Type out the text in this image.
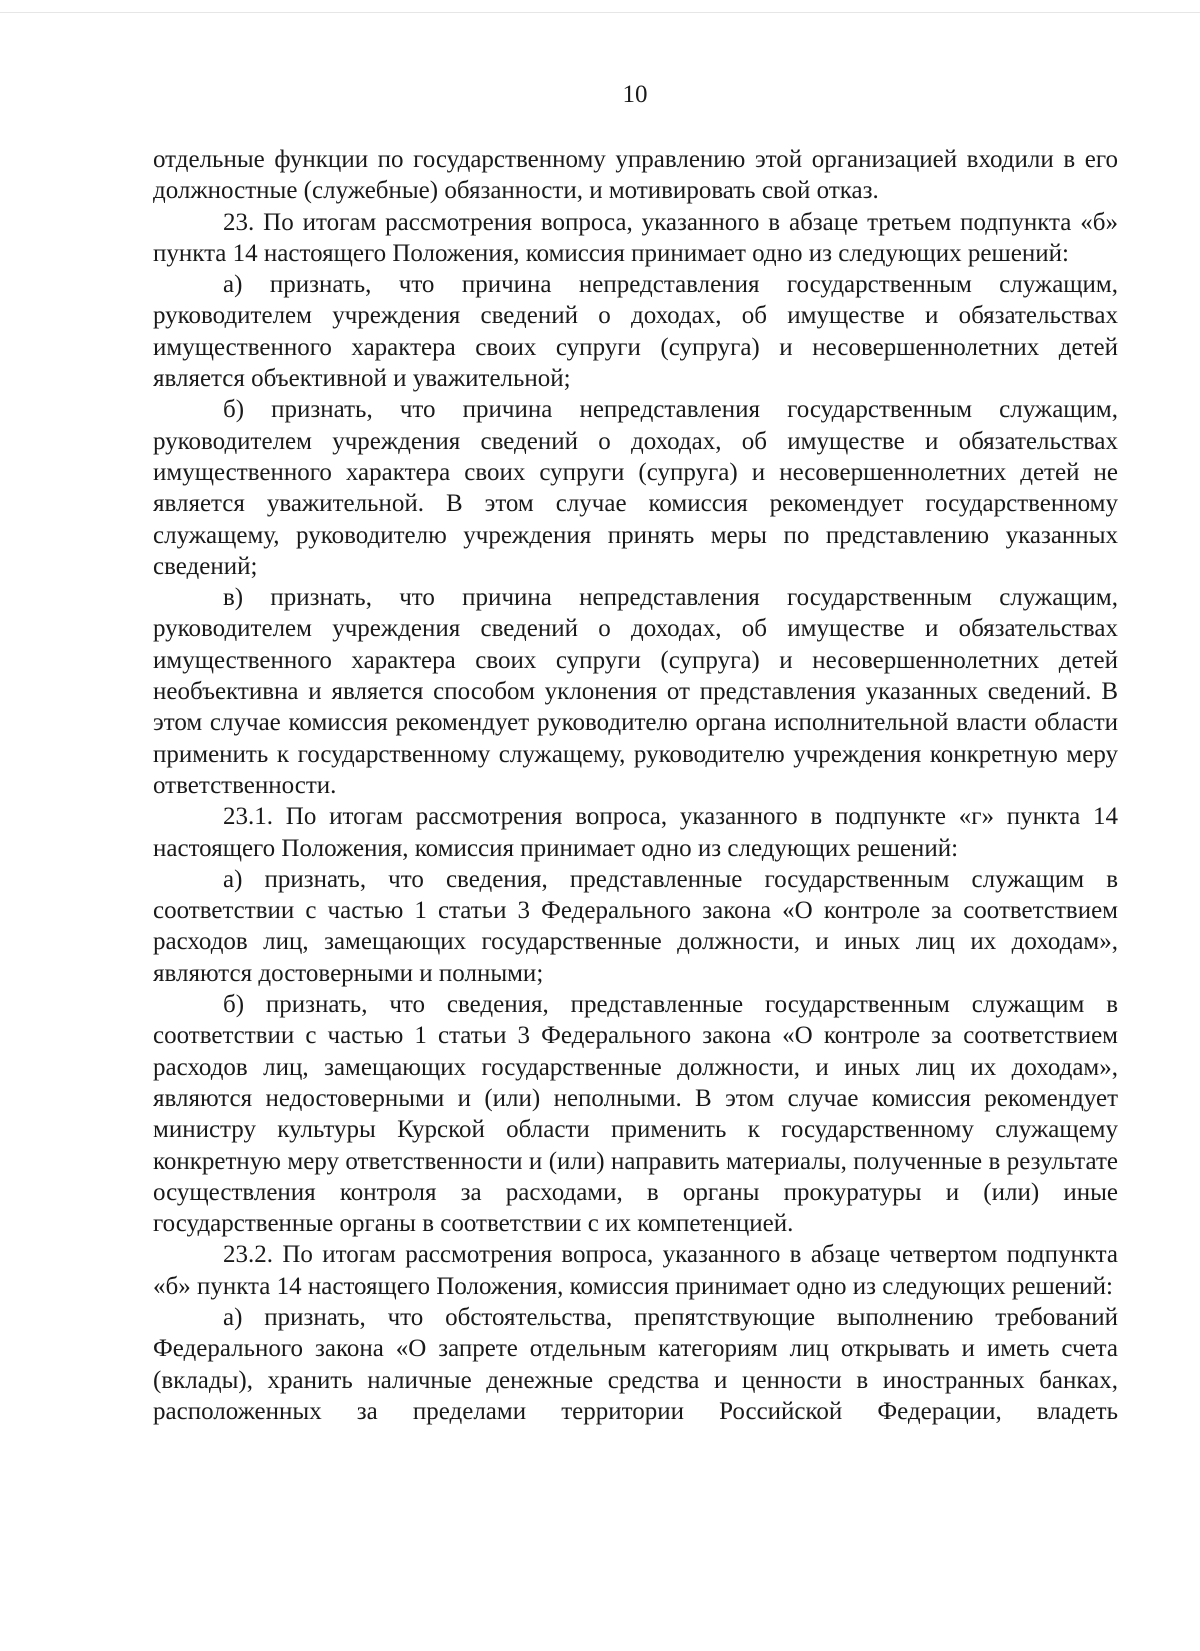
10

отдельные функции по государственному управлению этой организацией входили в его должностные (служебные) обязанности, и мотивировать свой отказ.

23. По итогам рассмотрения вопроса, указанного в абзаце третьем подпункта «б» пункта 14 настоящего Положения, комиссия принимает одно из следующих решений:

а) признать, что причина непредставления государственным служащим, руководителем учреждения сведений о доходах, об имуществе и обязательствах имущественного характера своих супруги (супруга) и несовершеннолетних детей является объективной и уважительной;

б) признать, что причина непредставления государственным служащим, руководителем учреждения сведений о доходах, об имуществе и обязательствах имущественного характера своих супруги (супруга) и несовершеннолетних детей не является уважительной. В этом случае комиссия рекомендует государственному служащему, руководителю учреждения принять меры по представлению указанных сведений;

в) признать, что причина непредставления государственным служащим, руководителем учреждения сведений о доходах, об имуществе и обязательствах имущественного характера своих супруги (супруга) и несовершеннолетних детей необъективна и является способом уклонения от представления указанных сведений. В этом случае комиссия рекомендует руководителю органа исполнительной власти области применить к государственному служащему, руководителю учреждения конкретную меру ответственности.

23.1. По итогам рассмотрения вопроса, указанного в подпункте «г» пункта 14 настоящего Положения, комиссия принимает одно из следующих решений:

а) признать, что сведения, представленные государственным служащим в соответствии с частью 1 статьи 3 Федерального закона «О контроле за соответствием расходов лиц, замещающих государственные должности, и иных лиц их доходам», являются достоверными и полными;

б) признать, что сведения, представленные государственным служащим в соответствии с частью 1 статьи 3 Федерального закона «О контроле за соответствием расходов лиц, замещающих государственные должности, и иных лиц их доходам», являются недостоверными и (или) неполными. В этом случае комиссия рекомендует министру культуры Курской области применить к государственному служащему конкретную меру ответственности и (или) направить материалы, полученные в результате осуществления контроля за расходами, в органы прокуратуры и (или) иные государственные органы в соответствии с их компетенцией.

23.2. По итогам рассмотрения вопроса, указанного в абзаце четвертом подпункта «б» пункта 14 настоящего Положения, комиссия принимает одно из следующих решений:

а) признать, что обстоятельства, препятствующие выполнению требований Федерального закона «О запрете отдельным категориям лиц открывать и иметь счета (вклады), хранить наличные денежные средства и ценности в иностранных банках, расположенных за пределами территории Российской Федерации, владеть
